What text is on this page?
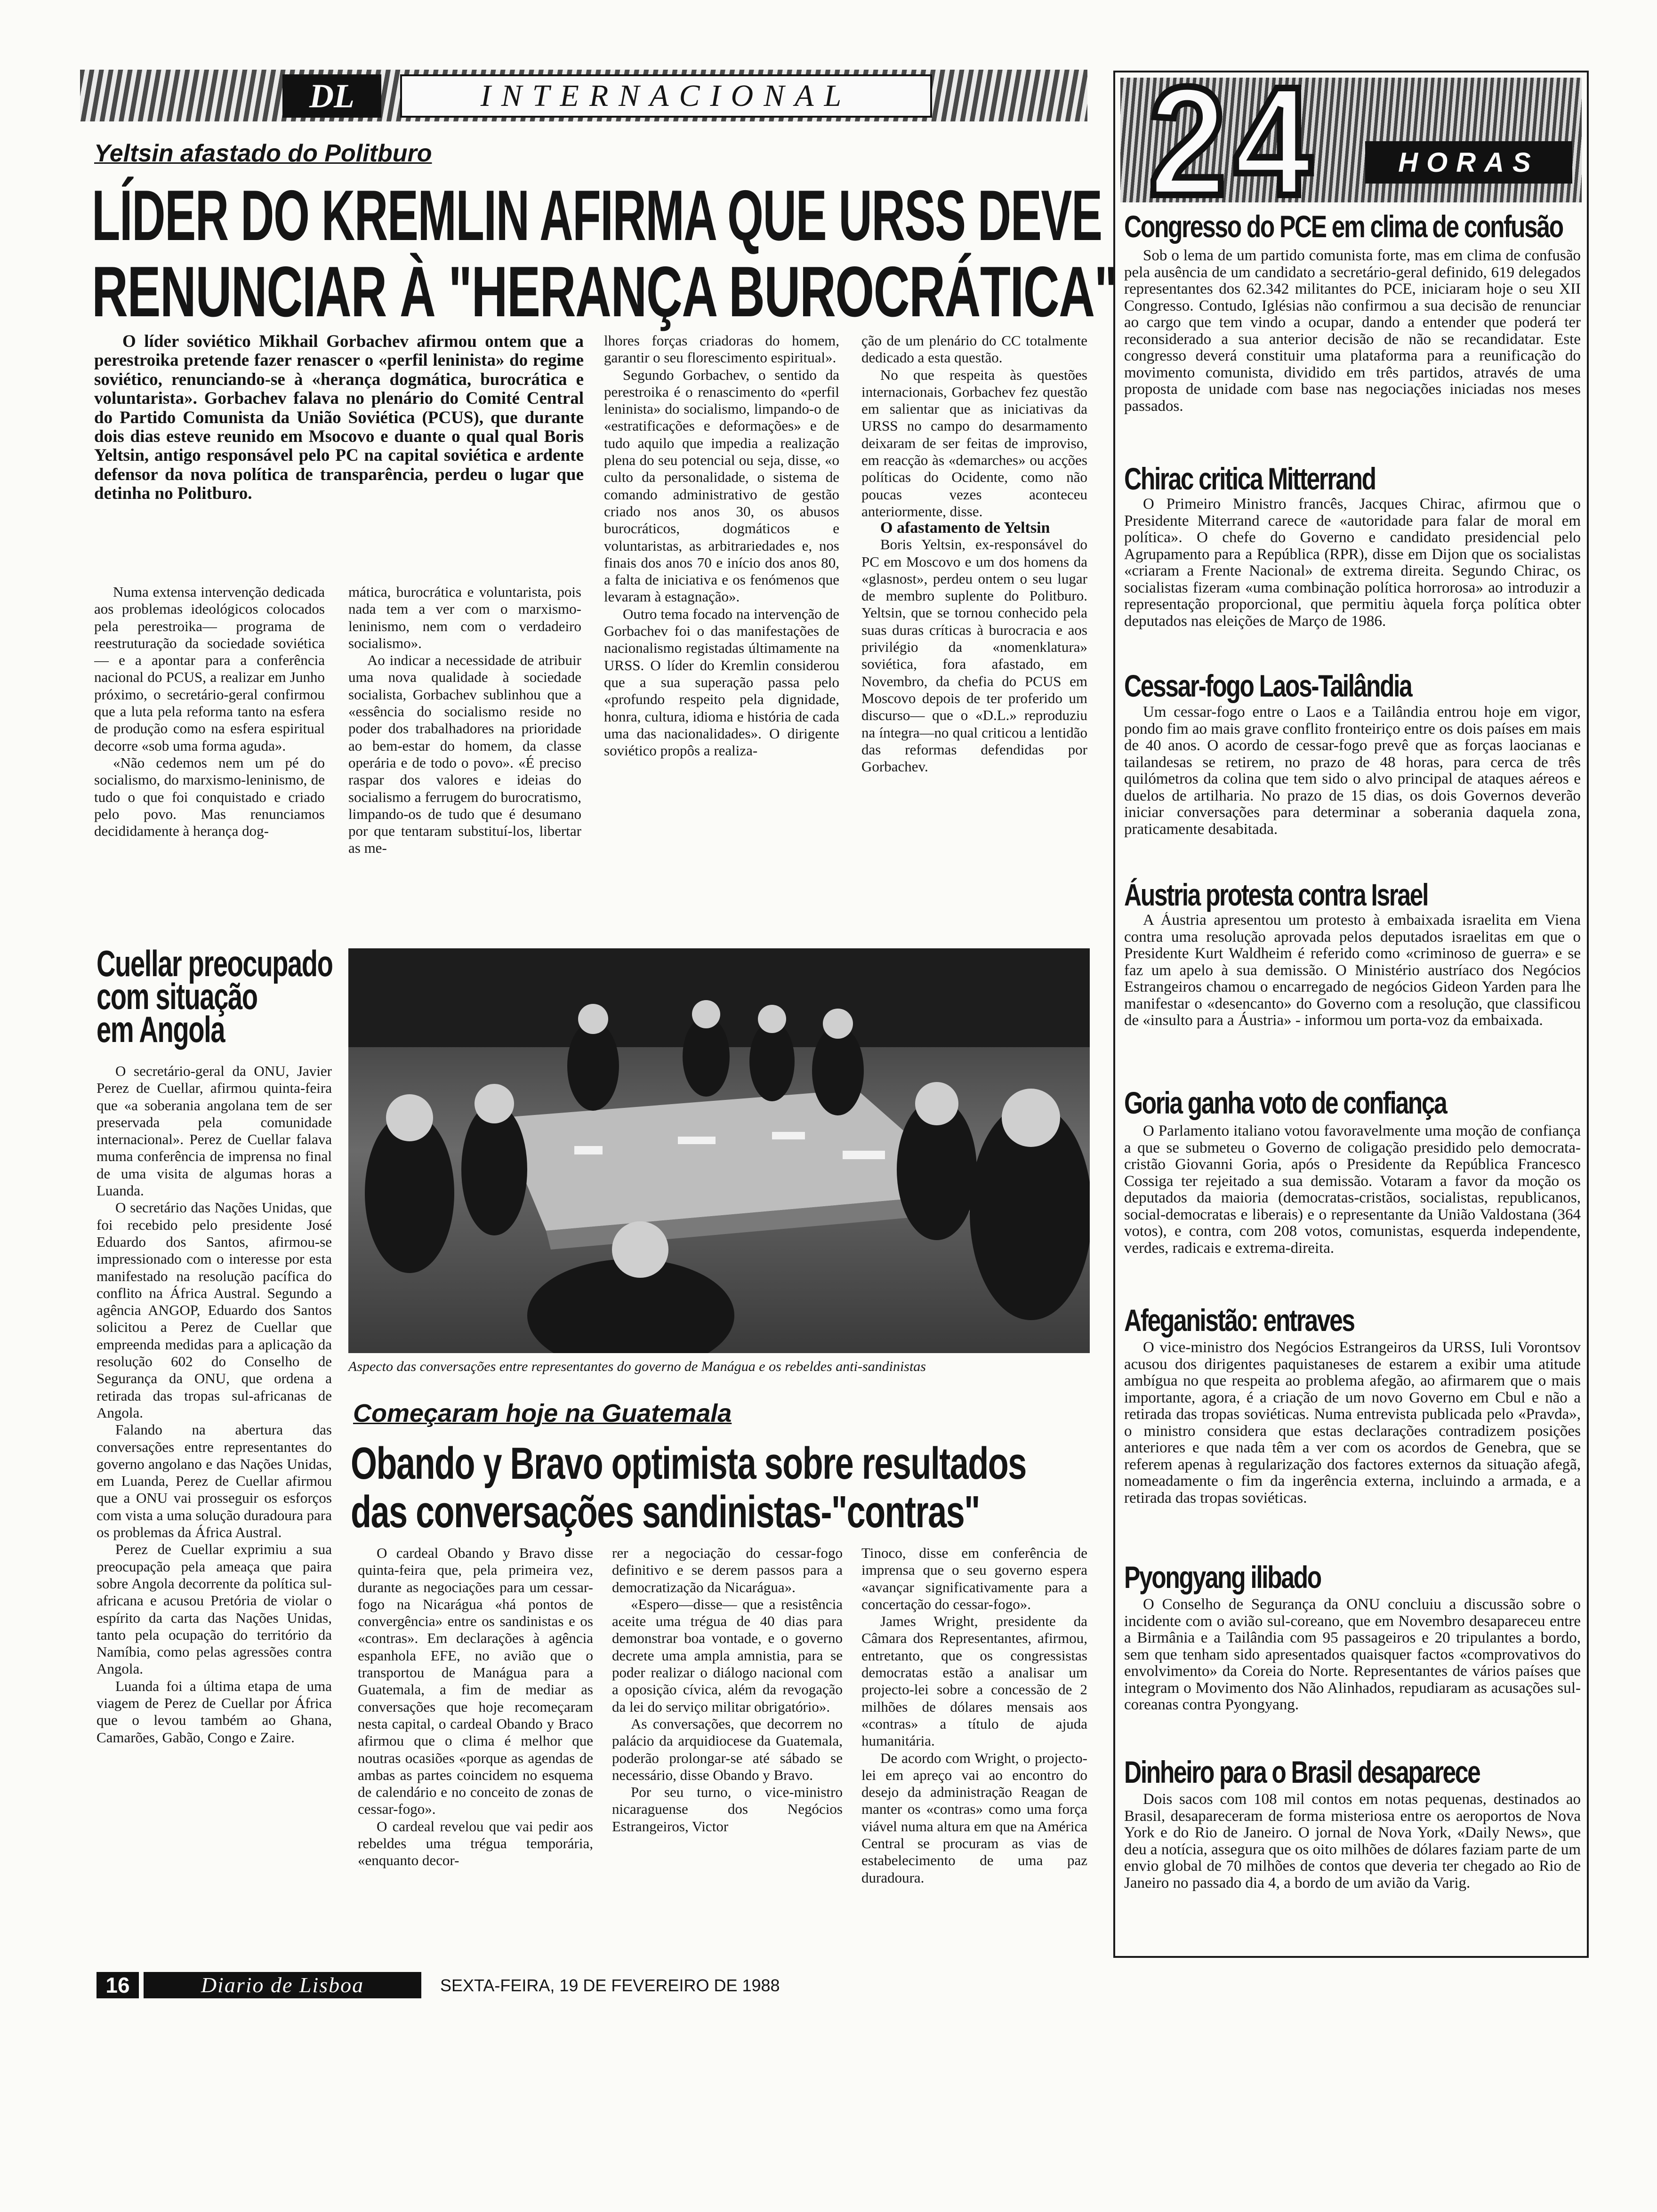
DL	INTERNACIONAL
Yeltsin afastado do Politburo
LÍDER DO KREMLIN AFIRMA QUE URSS DEVE
RENUNCIAR À "HERANÇA BUROCRÁTICA"

O líder soviético Mikhail Gorbachev afirmou ontem que a perestroika pretende fazer renascer o «perfil leninista» do regime soviético, renunciando-se à «herança dogmática, burocrática e voluntarista». Gorbachev falava no plenário do Comité Central do Partido Comunista da União Soviética (PCUS), que durante dois dias esteve reunido em Msocovo e duante o qual qual Boris Yeltsin, antigo responsável pelo PC na capital soviética e ardente defensor da nova política de transparência, perdeu o lugar que detinha no Politburo.

Numa extensa intervenção dedicada aos problemas ideológicos colocados pela perestroika— programa de reestruturação da sociedade soviética— e a apontar para a conferência nacional do PCUS, a realizar em Junho próximo, o secretário-geral confirmou que a luta pela reforma tanto na esfera de produção como na esfera espiritual decorre «sob uma forma aguda».

«Não cedemos nem um pé do socialismo, do marxismo-leninismo, de tudo o que foi conquistado e criado pelo povo. Mas renunciamos decididamente à herança dog-

mática, burocrática e voluntarista, pois nada tem a ver com o marxismo-leninismo, nem com o verdadeiro socialismo».

Ao indicar a necessidade de atribuir uma nova qualidade à sociedade socialista, Gorbachev sublinhou que a «essência do socialismo reside no poder dos trabalhadores na prioridade ao bem-estar do homem, da classe operária e de todo o povo». «É preciso raspar dos valores e ideias do socialismo a ferrugem do burocratismo, limpando-os de tudo que é desumano por que tentaram substituí-los, libertar as me-

lhores forças criadoras do homem, garantir o seu florescimento espiritual».

Segundo Gorbachev, o sentido da perestroika é o renascimento do «perfil leninista» do socialismo, limpando-o de «estratificações e deformações» e de tudo aquilo que impedia a realização plena do seu potencial ou seja, disse, «o culto da personalidade, o sistema de comando administrativo de gestão criado nos anos 30, os abusos burocráticos, dogmáticos e voluntaristas, as arbitrariedades e, nos finais dos anos 70 e início dos anos 80, a falta de iniciativa e os fenómenos que levaram à estagnação».

Outro tema focado na intervenção de Gorbachev foi o das manifestações de nacionalismo registadas últimamente na URSS. O líder do Kremlin considerou que a sua superação passa pelo «profundo respeito pela dignidade, honra, cultura, idioma e história de cada uma das nacionalidades». O dirigente soviético propôs a realiza-

ção de um plenário do CC totalmente dedicado a esta questão.

No que respeita às questões internacionais, Gorbachev fez questão em salientar que as iniciativas da URSS no campo do desarmamento deixaram de ser feitas de improviso, em reacção às «demarches» ou acções políticas do Ocidente, como não poucas vezes aconteceu anteriormente, disse.

O afastamento de Yeltsin

Boris Yeltsin, ex-responsável do PC em Moscovo e um dos homens da «glasnost», perdeu ontem o seu lugar de membro suplente do Politburo. Yeltsin, que se tornou conhecido pela suas duras críticas à burocracia e aos privilégio da «nomenklatura» soviética, fora afastado, em Novembro, da chefia do PCUS em Moscovo depois de ter proferido um discurso— que o «D.L.» reproduziu na íntegra—no qual criticou a lentidão das reformas defendidas por Gorbachev.

Cuellar preocupado
com situação
em Angola

O secretário-geral da ONU, Javier Perez de Cuellar, afirmou quinta-feira que «a soberania angolana tem de ser preservada pela comunidade internacional». Perez de Cuellar falava muma conferência de imprensa no final de uma visita de algumas horas a Luanda.

O secretário das Nações Unidas, que foi recebido pelo presidente José Eduardo dos Santos, afirmou-se impressionado com o interesse por esta manifestado na resolução pacífica do conflito na África Austral. Segundo a agência ANGOP, Eduardo dos Santos solicitou a Perez de Cuellar que empreenda medidas para a aplicação da resolução 602 do Conselho de Segurança da ONU, que ordena a retirada das tropas sul-africanas de Angola.

Falando na abertura das conversações entre representantes do governo angolano e das Nações Unidas, em Luanda, Perez de Cuellar afirmou que a ONU vai prosseguir os esforços com vista a uma solução duradoura para os problemas da África Austral.

Perez de Cuellar exprimiu a sua preocupação pela ameaça que paira sobre Angola decorrente da política sul-africana e acusou Pretória de violar o espírito da carta das Nações Unidas, tanto pela ocupação do território da Namíbia, como pelas agressões contra Angola.

Luanda foi a última etapa de uma viagem de Perez de Cuellar por África que o levou também ao Ghana, Camarões, Gabão, Congo e Zaire.

Aspecto das conversações entre representantes do governo de Manágua e os rebeldes anti-sandinistas
Começaram hoje na Guatemala
Obando y Bravo optimista sobre resultados
das conversações sandinistas-"contras"

O cardeal Obando y Bravo disse quinta-feira que, pela primeira vez, durante as negociações para um cessar-fogo na Nicarágua «há pontos de convergência» entre os sandinistas e os «contras». Em declarações à agência espanhola EFE, no avião que o transportou de Manágua para a Guatemala, a fim de mediar as conversações que hoje recomeçaram nesta capital, o cardeal Obando y Braco afirmou que o clima é melhor que noutras ocasiões «porque as agendas de ambas as partes coincidem no esquema de calendário e no conceito de zonas de cessar-fogo».

O cardeal revelou que vai pedir aos rebeldes uma tréguа temporária, «enquanto decor-

rer a negociação do cessar-fogo definitivo e se derem passos para a democratização da Nicarágua».

«Espero—disse— que a resistência aceite uma trégua de 40 dias para demonstrar boa vontade, e o governo decrete uma ampla amnistia, para se poder realizar o diálogo nacional com a oposição cívica, além da revogação da lei do serviço militar obrigatório».

As conversações, que decorrem no palácio da arquidiocese da Guatemala, poderão prolongar-se até sábado se necessário, disse Obando y Bravo.

Por seu turno, o vice-ministro nicaraguense dos Negócios Estrangeiros, Victor

Tinoco, disse em conferência de imprensa que o seu governo espera «avançar significativamente para a concertação do cessar-fogo».

James Wright, presidente da Câmara dos Representantes, afirmou, entretanto, que os congressistas democratas estão a analisar um projecto-lei sobre a concessão de 2 milhões de dólares mensais aos «contras» a título de ajuda humanitária.

De acordo com Wright, o projecto-lei em apreço vai ao encontro do desejo da administração Reagan de manter os «contras» como uma força viável numa altura em que na América Central se procuram as vias de estabelecimento de uma paz duradoura.

24	HORAS
Congresso do PCE em clima de confusão

Sob o lema de um partido comunista forte, mas em clima de confusão pela ausência de um candidato a secretário-geral definido, 619 delegados representantes dos 62.342 militantes do PCE, iniciaram hoje o seu XII Congresso. Contudo, Iglésias não confirmou a sua decisão de renunciar ao cargo que tem vindo a ocupar, dando a entender que poderá ter reconsiderado a sua anterior decisão de não se recandidatar. Este congresso deverá constituir uma plataforma para a reunificação do movimento comunista, dividido em três partidos, através de uma proposta de unidade com base nas negociações iniciadas nos meses passados.

Chirac critica Mitterrand

O Primeiro Ministro francês, Jacques Chirac, afirmou que o Presidente Miterrand carece de «autoridade para falar de moral em política». O chefe do Governo e candidato presidencial pelo Agrupamento para a República (RPR), disse em Dijon que os socialistas «criaram a Frente Nacional» de extrema direita. Segundo Chirac, os socialistas fizeram «uma combinação política horrorosa» ao introduzir a representação proporcional, que permitiu àquela força política obter deputados nas eleições de Março de 1986.

Cessar-fogo Laos-Tailândia

Um cessar-fogo entre o Laos e a Tailândia entrou hoje em vigor, pondo fim ao mais grave conflito fronteiriço entre os dois países em mais de 40 anos. O acordo de cessar-fogo prevê que as forças laocianas e tailandesas se retirem, no prazo de 48 horas, para cerca de três quilómetros da colina que tem sido o alvo principal de ataques aéreos e duelos de artilharia. No prazo de 15 dias, os dois Governos deverão iniciar conversações para determinar a soberania daquela zona, praticamente desabitada.

Áustria protesta contra Israel

A Áustria apresentou um protesto à embaixada israelita em Viena contra uma resolução aprovada pelos deputados israelitas em que o Presidente Kurt Waldheim é referido como «criminoso de guerra» e se faz um apelo à sua demissão. O Ministério austríaco dos Negócios Estrangeiros chamou o encarregado de negócios Gideon Yarden para lhe manifestar o «desencanto» do Governo com a resolução, que classificou de «insulto para a Áustria» - informou um porta-voz da embaixada.

Goria ganha voto de confiança

O Parlamento italiano votou favoravelmente uma moção de confiança a que se submeteu o Governo de coligação presidido pelo democrata-cristão Giovanni Goria, após o Presidente da República Francesco Cossiga ter rejeitado a sua demissão. Votaram a favor da moção os deputados da maioria (democratas-cristãos, socialistas, republicanos, social-democratas e liberais) e o representante da União Valdostana (364 votos), e contra, com 208 votos, comunistas, esquerda independente, verdes, radicais e extrema-direita.

Afeganistão: entraves

O vice-ministro dos Negócios Estrangeiros da URSS, Iuli Vorontsov acusou dos dirigentes paquistaneses de estarem a exibir uma atitude ambígua no que respeita ao problema afegão, ao afirmarem que o mais importante, agora, é a criação de um novo Governo em Cbul e não a retirada das tropas soviéticas. Numa entrevista publicada pelo «Pravda», o ministro considera que estas declarações contradizem posições anteriores e que nada têm a ver com os acordos de Genebra, que se referem apenas à regularização dos factores externos da situação afegã, nomeadamente o fim da ingerência externa, incluindo a armada, e a retirada das tropas soviéticas.

Pyongyang ilibado

O Conselho de Segurança da ONU concluiu a discussão sobre o incidente com o avião sul-coreano, que em Novembro desapareceu entre a Birmânia e a Tailândia com 95 passageiros e 20 tripulantes a bordo, sem que tenham sido apresentados quaisquer factos «comprovativos do envolvimento» da Coreia do Norte. Representantes de vários países que integram o Movimento dos Não Alinhados, repudiaram as acusações sul-coreanas contra Pyongyang.

Dinheiro para o Brasil desaparece

Dois sacos com 108 mil contos em notas pequenas, destinados ao Brasil, desapareceram de forma misteriosa entre os aeroportos de Nova York e do Rio de Janeiro. O jornal de Nova York, «Daily News», que deu a notícia, assegura que os oito milhões de dólares faziam parte de um envio global de 70 milhões de contos que deveria ter chegado ao Rio de Janeiro no passado dia 4, a bordo de um avião da Varig.

16	Diario de Lisboa	SEXTA-FEIRA, 19 DE FEVEREIRO DE 1988
